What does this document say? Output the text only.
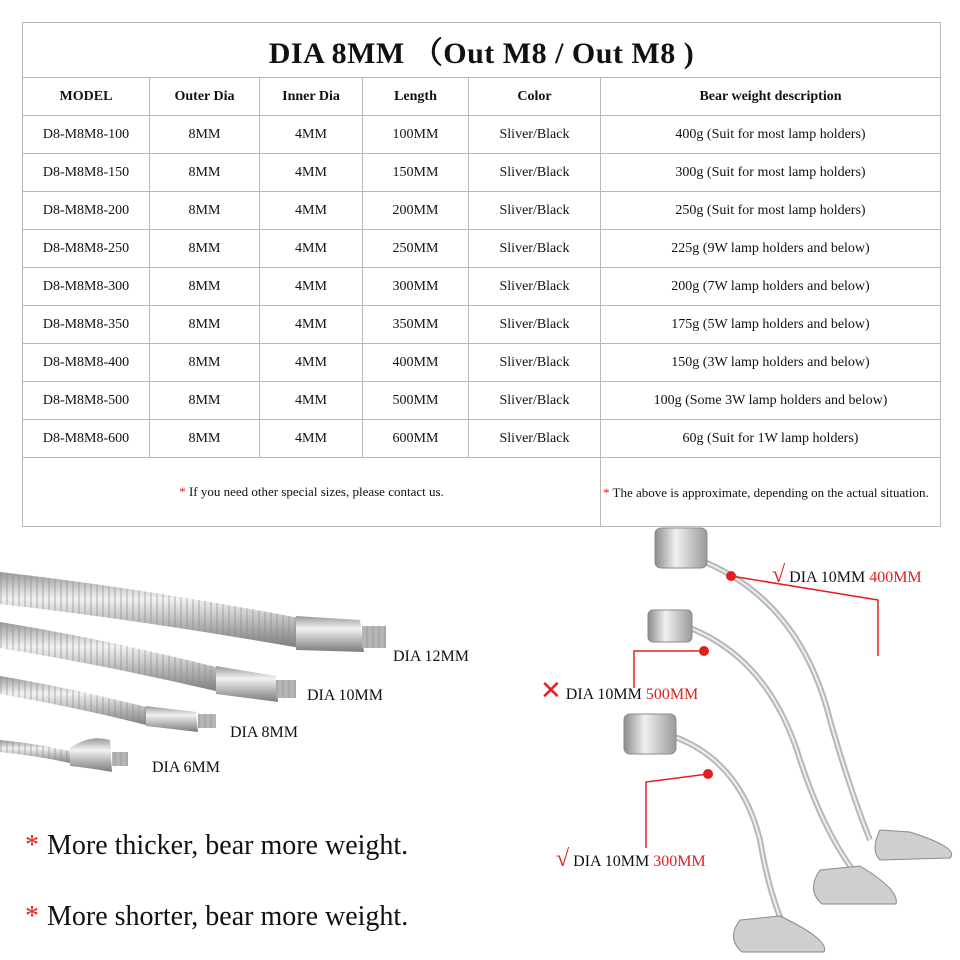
DIA 8MM （Out M8 / Out M8 )					
MODEL	Outer Dia	Inner Dia	Length	Color	Bear weight description
D8-M8M8-100	8MM	4MM	100MM	Sliver/Black	400g (Suit for most lamp holders)
D8-M8M8-150	8MM	4MM	150MM	Sliver/Black	300g (Suit for most lamp holders)
D8-M8M8-200	8MM	4MM	200MM	Sliver/Black	250g (Suit for most lamp holders)
D8-M8M8-250	8MM	4MM	250MM	Sliver/Black	225g (9W lamp holders and below)
D8-M8M8-300	8MM	4MM	300MM	Sliver/Black	200g (7W lamp holders and below)
D8-M8M8-350	8MM	4MM	350MM	Sliver/Black	175g (5W lamp holders and below)
D8-M8M8-400	8MM	4MM	400MM	Sliver/Black	150g (3W lamp holders and below)
D8-M8M8-500	8MM	4MM	500MM	Sliver/Black	100g (Some 3W lamp holders and below)
D8-M8M8-600	8MM	4MM	600MM	Sliver/Black	60g (Suit for 1W lamp holders)
* If you need other special sizes, please contact us.					* The above is approximate, depending on the actual situation.
DIA 12MM
DIA 10MM
DIA 8MM
DIA 6MM
√ DIA 10MM 400MM
✕ DIA 10MM 500MM
√ DIA 10MM 300MM
* More thicker, bear more weight.
* More shorter, bear more weight.
